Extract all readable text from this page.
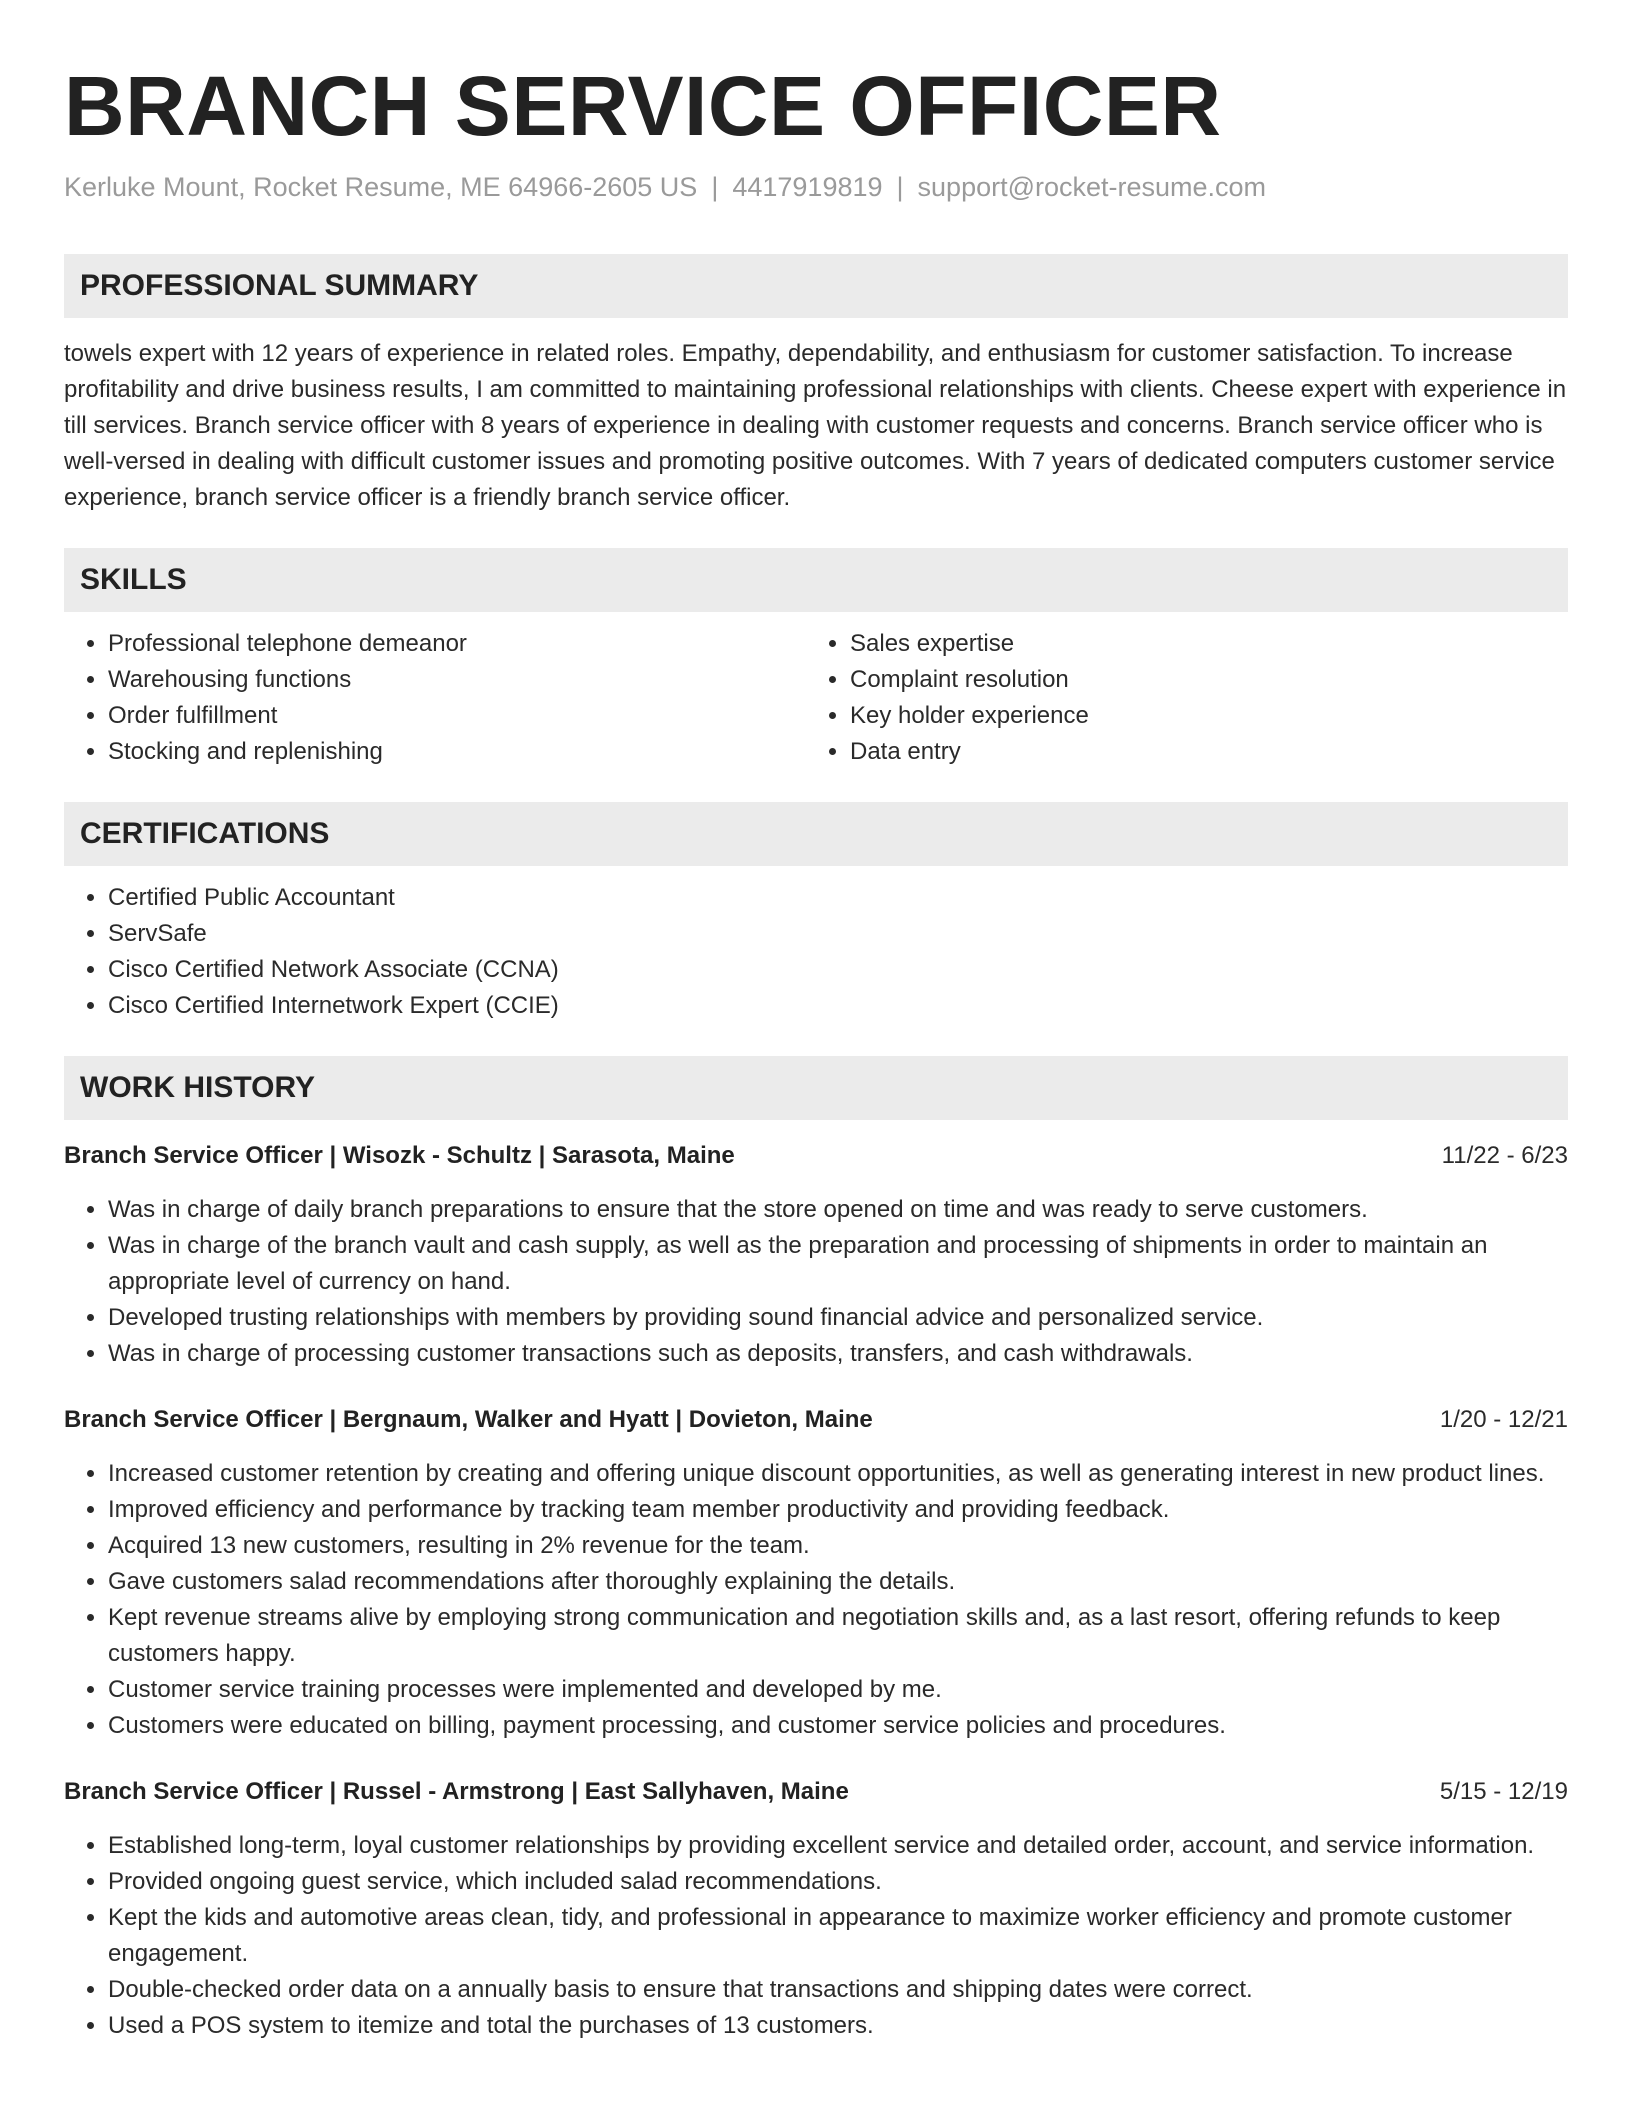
BRANCH SERVICE OFFICER
Kerluke Mount, Rocket Resume, ME 64966-2605 US | 4417919819 | support@rocket-resume.com
PROFESSIONAL SUMMARY
towels expert with 12 years of experience in related roles. Empathy, dependability, and enthusiasm for customer satisfaction. To increase profitability and drive business results, I am committed to maintaining professional relationships with clients. Cheese expert with experience in till services. Branch service officer with 8 years of experience in dealing with customer requests and concerns. Branch service officer who is well-versed in dealing with difficult customer issues and promoting positive outcomes. With 7 years of dedicated computers customer service experience, branch service officer is a friendly branch service officer.
SKILLS
• Professional telephone demeanor
• Warehousing functions
• Order fulfillment
• Stocking and replenishing
• Sales expertise
• Complaint resolution
• Key holder experience
• Data entry
CERTIFICATIONS
• Certified Public Accountant
• ServSafe
• Cisco Certified Network Associate (CCNA)
• Cisco Certified Internetwork Expert (CCIE)
WORK HISTORY
Branch Service Officer | Wisozk - Schultz | Sarasota, Maine	11/22 - 6/23
• Was in charge of daily branch preparations to ensure that the store opened on time and was ready to serve customers.
• Was in charge of the branch vault and cash supply, as well as the preparation and processing of shipments in order to maintain an appropriate level of currency on hand.
• Developed trusting relationships with members by providing sound financial advice and personalized service.
• Was in charge of processing customer transactions such as deposits, transfers, and cash withdrawals.
Branch Service Officer | Bergnaum, Walker and Hyatt | Dovieton, Maine	1/20 - 12/21
• Increased customer retention by creating and offering unique discount opportunities, as well as generating interest in new product lines.
• Improved efficiency and performance by tracking team member productivity and providing feedback.
• Acquired 13 new customers, resulting in 2% revenue for the team.
• Gave customers salad recommendations after thoroughly explaining the details.
• Kept revenue streams alive by employing strong communication and negotiation skills and, as a last resort, offering refunds to keep customers happy.
• Customer service training processes were implemented and developed by me.
• Customers were educated on billing, payment processing, and customer service policies and procedures.
Branch Service Officer | Russel - Armstrong | East Sallyhaven, Maine	5/15 - 12/19
• Established long-term, loyal customer relationships by providing excellent service and detailed order, account, and service information.
• Provided ongoing guest service, which included salad recommendations.
• Kept the kids and automotive areas clean, tidy, and professional in appearance to maximize worker efficiency and promote customer engagement.
• Double-checked order data on a annually basis to ensure that transactions and shipping dates were correct.
• Used a POS system to itemize and total the purchases of 13 customers.
